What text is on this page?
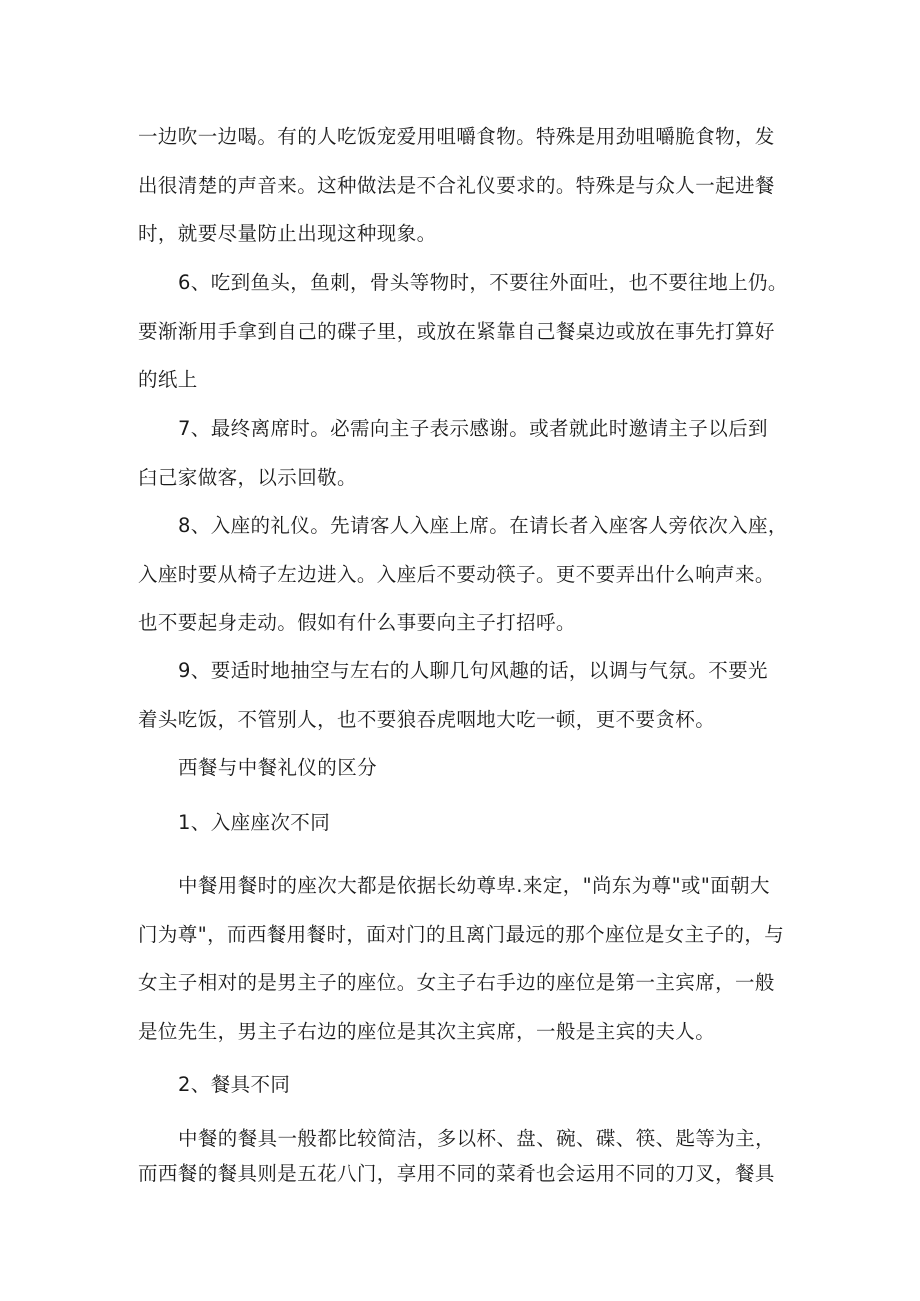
一边吹一边喝。有的人吃饭宠爱用咀嚼食物。特殊是用劲咀嚼脆食物，发
出很清楚的声音来。这种做法是不合礼仪要求的。特殊是与众人一起进餐
时，就要尽量防止出现这种现象。
6、吃到鱼头，鱼刺，骨头等物时，不要往外面吐，也不要往地上仍。
要渐渐用手拿到自己的碟子里，或放在紧靠自己餐桌边或放在事先打算好
的纸上
7、最终离席时。必需向主子表示感谢。或者就此时邀请主子以后到
臼己家做客，以示回敬。
8、入座的礼仪。先请客人入座上席。在请长者入座客人旁依次入座，
入座时要从椅子左边进入。入座后不要动筷子。更不要弄出什么响声来。
也不要起身走动。假如有什么事要向主子打招呼。
9、要适时地抽空与左右的人聊几句风趣的话，以调与气氛。不要光
着头吃饭，不管别人，也不要狼吞虎咽地大吃一顿，更不要贪杯。
西餐与中餐礼仪的区分
1、入座座次不同
中餐用餐时的座次大都是依据长幼尊卑.来定，"尚东为尊"或"面朝大
门为尊"，而西餐用餐时，面对门的且离门最远的那个座位是女主子的，与
女主子相对的是男主子的座位。女主子右手边的座位是第一主宾席，一般
是位先生，男主子右边的座位是其次主宾席，一般是主宾的夫人。
2、餐具不同
中餐的餐具一般都比较简洁，多以杯、盘、碗、碟、筷、匙等为主，
而西餐的餐具则是五花八门，享用不同的菜肴也会运用不同的刀叉，餐具
